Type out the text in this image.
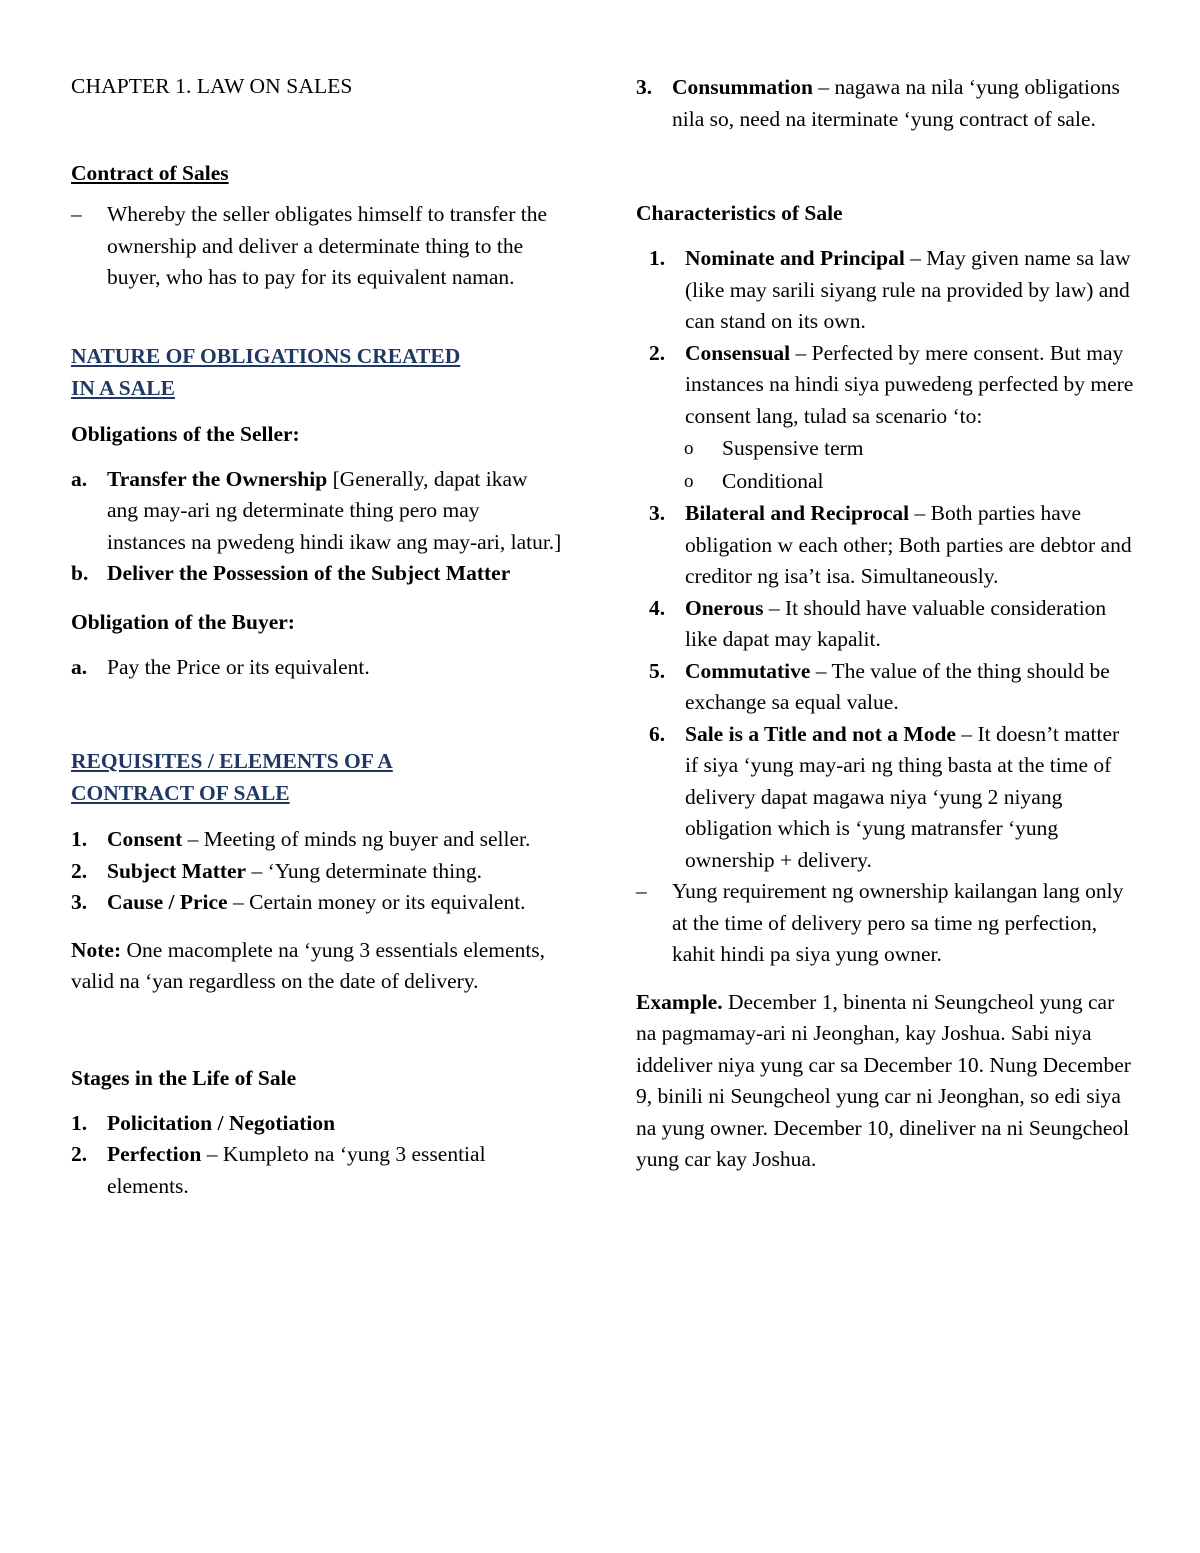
CHAPTER 1. LAW ON SALES

Contract of Sales

–	Whereby the seller obligates himself to transfer the ownership and deliver a determinate thing to the buyer, who has to pay for its equivalent naman.

NATURE OF OBLIGATIONS CREATED

IN A SALE

Obligations of the Seller:

a. Transfer the Ownership [Generally, dapat ikaw ang may-ari ng determinate thing pero may instances na pwedeng hindi ikaw ang may-ari, latur.]
b. Deliver the Possession of the Subject Matter

Obligation of the Buyer:

a. Pay the Price or its equivalent.

REQUISITES / ELEMENTS OF A

CONTRACT OF SALE

1. Consent – Meeting of minds ng buyer and seller.
2. Subject Matter – ‘Yung determinate thing.
3. Cause / Price – Certain money or its equivalent.

Note: One macomplete na ‘yung 3 essentials elements, valid na ‘yan regardless on the date of delivery.

Stages in the Life of Sale

1. Policitation / Negotiation
2. Perfection – Kumpleto na ‘yung 3 essential elements.
3. Consummation – nagawa na nila ‘yung obligations nila so, need na iterminate ‘yung contract of sale.

Characteristics of Sale

1. Nominate and Principal – May given name sa law (like may sarili siyang rule na provided by law) and can stand on its own.
2. Consensual – Perfected by mere consent. But may instances na hindi siya puwedeng perfected by mere consent lang, tulad sa scenario ‘to:
o	Suspensive term
o	Conditional
3. Bilateral and Reciprocal – Both parties have obligation w each other; Both parties are debtor and creditor ng isa’t isa. Simultaneously.
4. Onerous – It should have valuable consideration like dapat may kapalit.
5. Commutative – The value of the thing should be exchange sa equal value.
6. Sale is a Title and not a Mode – It doesn’t matter if siya ‘yung may-ari ng thing basta at the time of delivery dapat magawa niya ‘yung 2 niyang obligation which is ‘yung matransfer ‘yung ownership + delivery.
–	Yung requirement ng ownership kailangan lang only at the time of delivery pero sa time ng perfection, kahit hindi pa siya yung owner.

Example. December 1, binenta ni Seungcheol yung car na pagmamay-ari ni Jeonghan, kay Joshua. Sabi niya iddeliver niya yung car sa December 10. Nung December 9, binili ni Seungcheol yung car ni Jeonghan, so edi siya na yung owner. December 10, dineliver na ni Seungcheol yung car kay Joshua.
